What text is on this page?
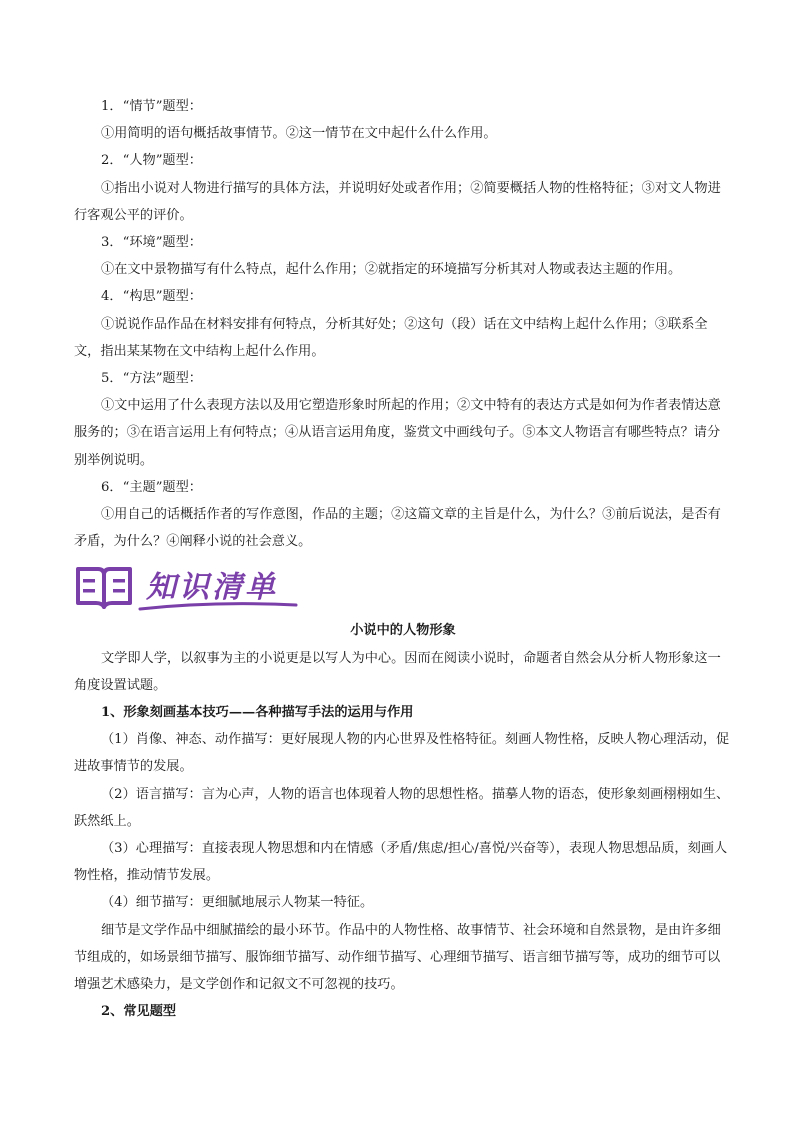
1．“情节”题型：

①用简明的语句概括故事情节。②这一情节在文中起什么什么作用。

2．“人物”题型：

①指出小说对人物进行描写的具体方法，并说明好处或者作用；②简要概括人物的性格特征；③对文人物进行客观公平的评价。

3．“环境”题型：

①在文中景物描写有什么特点，起什么作用；②就指定的环境描写分析其对人物或表达主题的作用。

4．“构思”题型：

①说说作品作品在材料安排有何特点，分析其好处；②这句（段）话在文中结构上起什么作用；③联系全文，指出某某物在文中结构上起什么作用。

5．“方法”题型：

①文中运用了什么表现方法以及用它塑造形象时所起的作用；②文中特有的表达方式是如何为作者表情达意服务的；③在语言运用上有何特点；④从语言运用角度，鉴赏文中画线句子。⑤本文人物语言有哪些特点？请分别举例说明。

6．“主题”题型：

①用自己的话概括作者的写作意图，作品的主题；②这篇文章的主旨是什么，为什么？③前后说法，是否有矛盾，为什么？④阐释小说的社会意义。

知识清单

小说中的人物形象

文学即人学，以叙事为主的小说更是以写人为中心。因而在阅读小说时，命题者自然会从分析人物形象这一角度设置试题。

1、形象刻画基本技巧——各种描写手法的运用与作用

（1）肖像、神态、动作描写：更好展现人物的内心世界及性格特征。刻画人物性格，反映人物心理活动，促进故事情节的发展。

（2）语言描写：言为心声，人物的语言也体现着人物的思想性格。描摹人物的语态，使形象刻画栩栩如生、跃然纸上。

（3）心理描写：直接表现人物思想和内在情感（矛盾/焦虑/担心/喜悦/兴奋等），表现人物思想品质，刻画人物性格，推动情节发展。

（4）细节描写：更细腻地展示人物某一特征。

细节是文学作品中细腻描绘的最小环节。作品中的人物性格、故事情节、社会环境和自然景物，是由许多细节组成的，如场景细节描写、服饰细节描写、动作细节描写、心理细节描写、语言细节描写等，成功的细节可以增强艺术感染力，是文学创作和记叙文不可忽视的技巧。

2、常见题型
